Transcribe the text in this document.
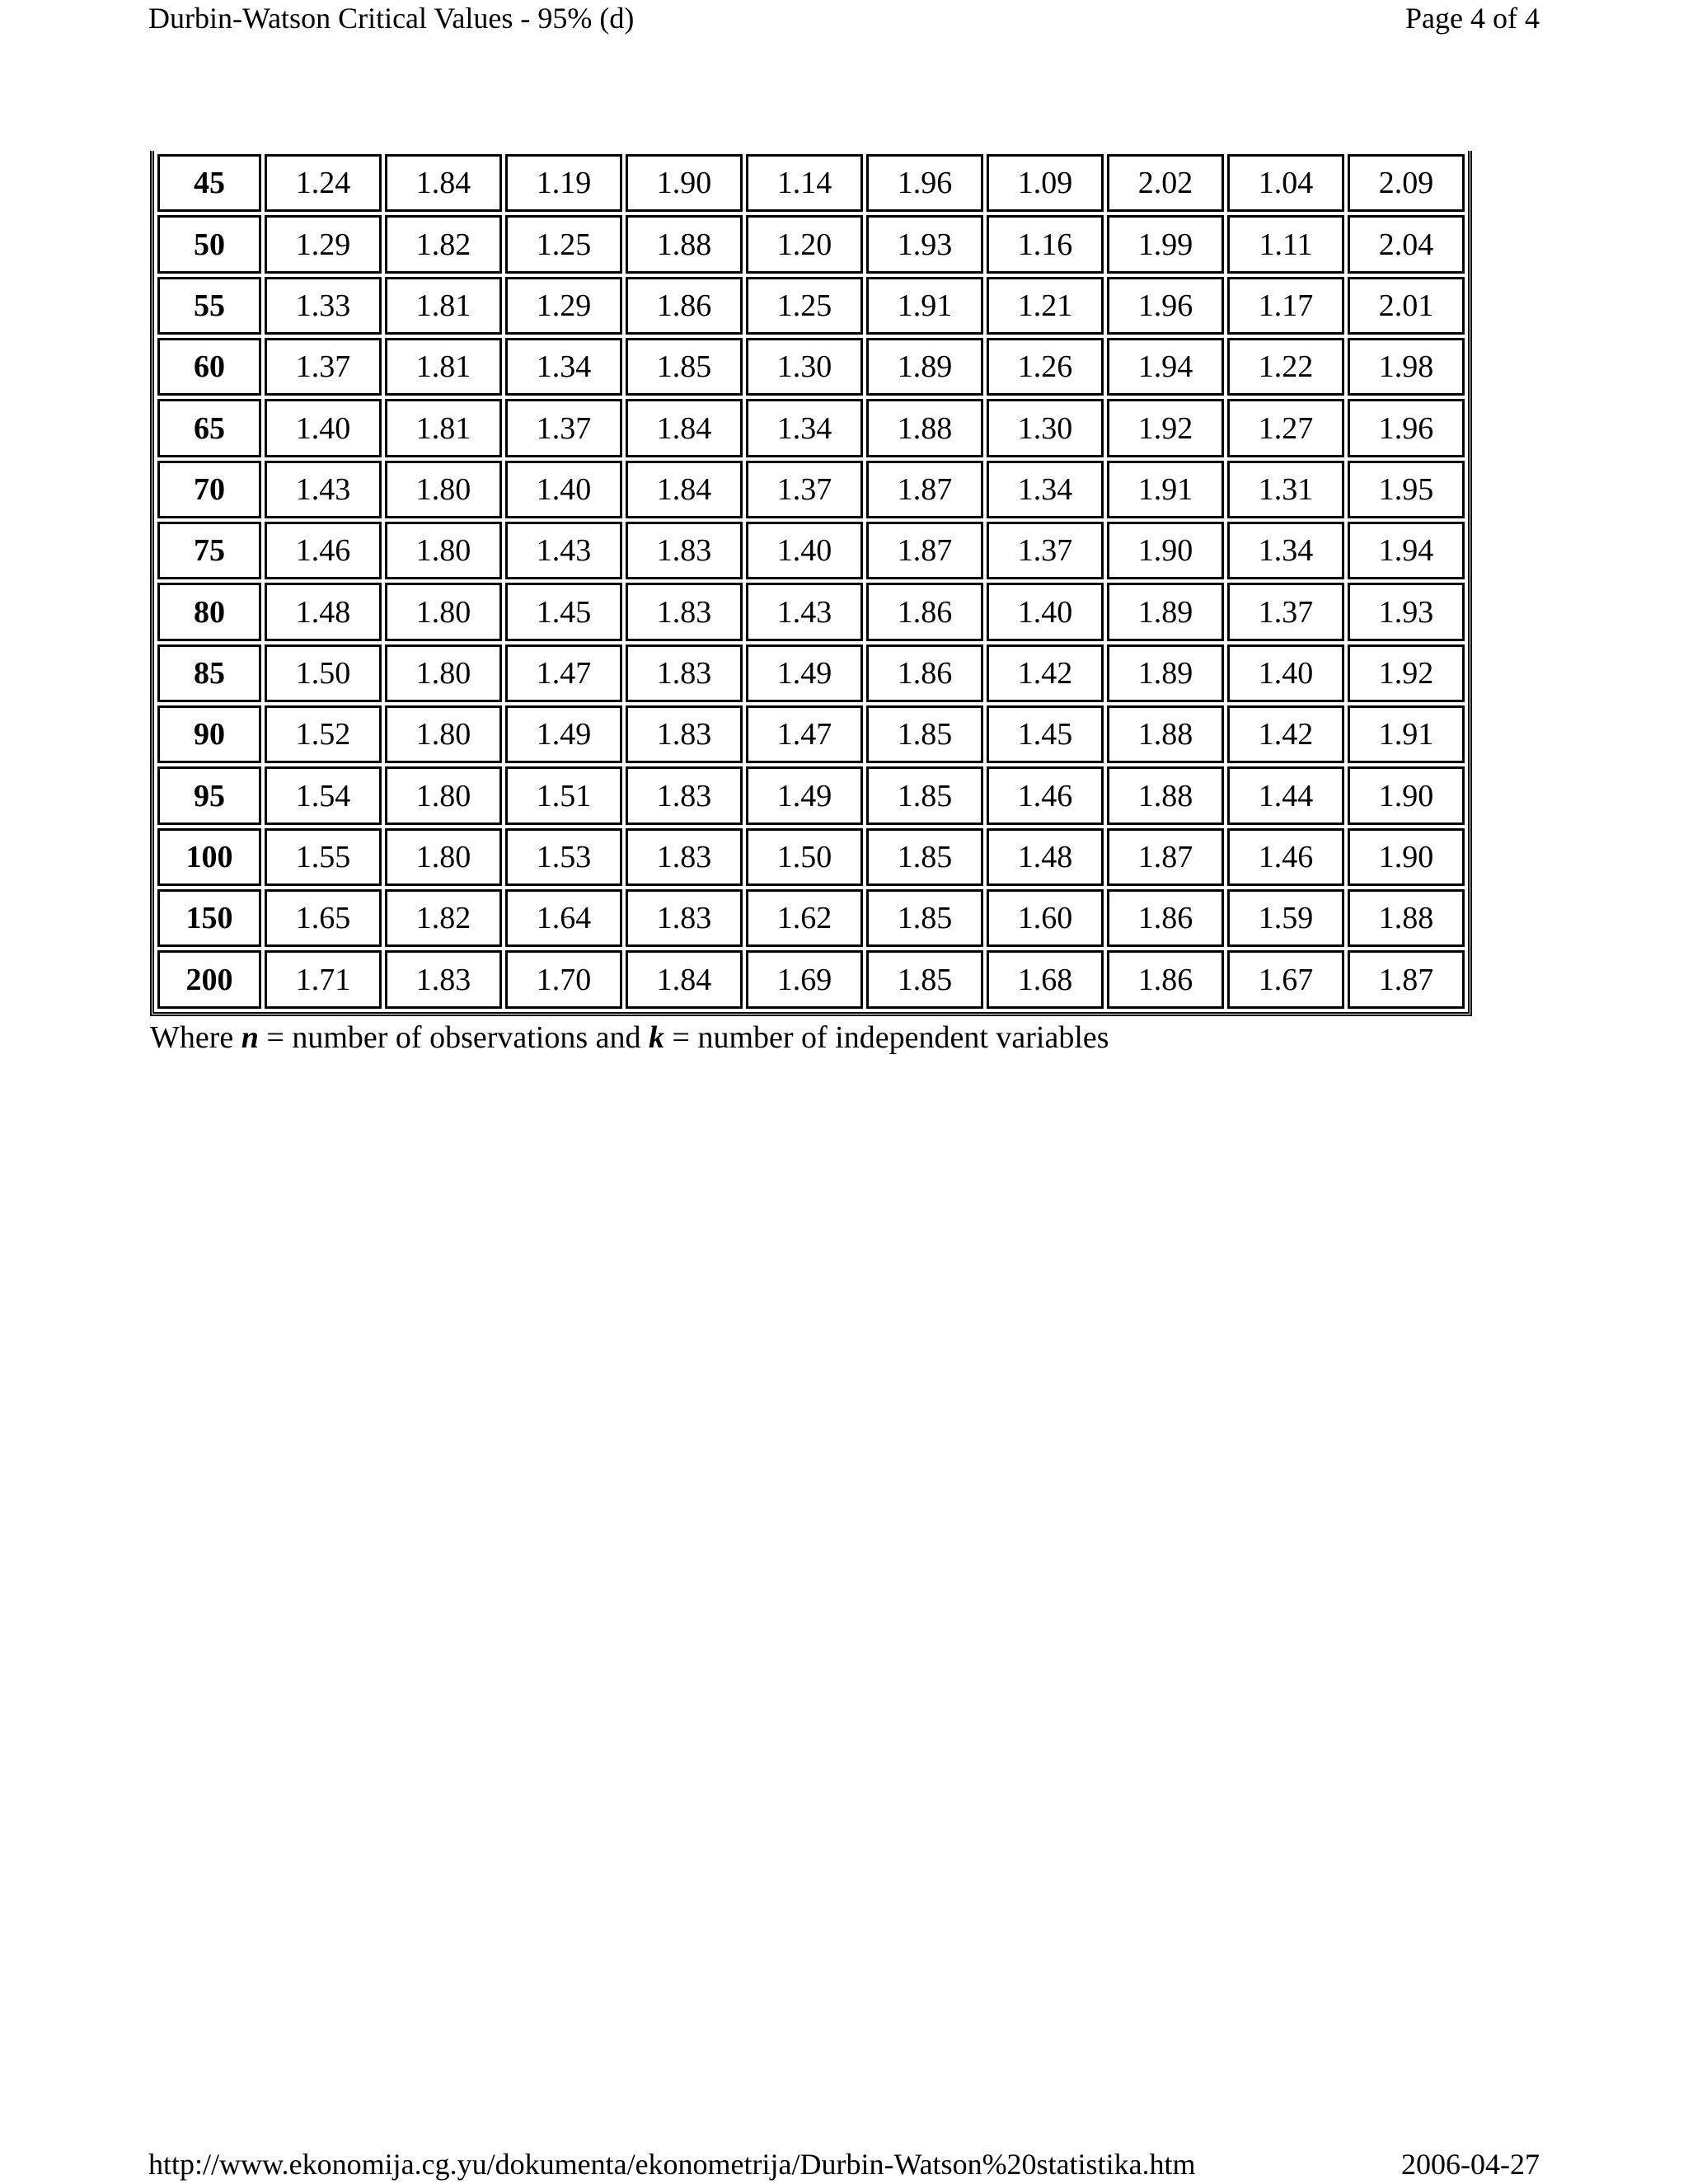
Durbin-Watson Critical Values - 95% (d)	Page 4 of 4
45	1.24	1.84	1.19	1.90	1.14	1.96	1.09	2.02	1.04	2.09
50	1.29	1.82	1.25	1.88	1.20	1.93	1.16	1.99	1.11	2.04
55	1.33	1.81	1.29	1.86	1.25	1.91	1.21	1.96	1.17	2.01
60	1.37	1.81	1.34	1.85	1.30	1.89	1.26	1.94	1.22	1.98
65	1.40	1.81	1.37	1.84	1.34	1.88	1.30	1.92	1.27	1.96
70	1.43	1.80	1.40	1.84	1.37	1.87	1.34	1.91	1.31	1.95
75	1.46	1.80	1.43	1.83	1.40	1.87	1.37	1.90	1.34	1.94
80	1.48	1.80	1.45	1.83	1.43	1.86	1.40	1.89	1.37	1.93
85	1.50	1.80	1.47	1.83	1.49	1.86	1.42	1.89	1.40	1.92
90	1.52	1.80	1.49	1.83	1.47	1.85	1.45	1.88	1.42	1.91
95	1.54	1.80	1.51	1.83	1.49	1.85	1.46	1.88	1.44	1.90
100	1.55	1.80	1.53	1.83	1.50	1.85	1.48	1.87	1.46	1.90
150	1.65	1.82	1.64	1.83	1.62	1.85	1.60	1.86	1.59	1.88
200	1.71	1.83	1.70	1.84	1.69	1.85	1.68	1.86	1.67	1.87
Where n = number of observations and k = number of independent variables
http://www.ekonomija.cg.yu/dokumenta/ekonometrija/Durbin-Watson%20statistika.htm	2006-04-27
